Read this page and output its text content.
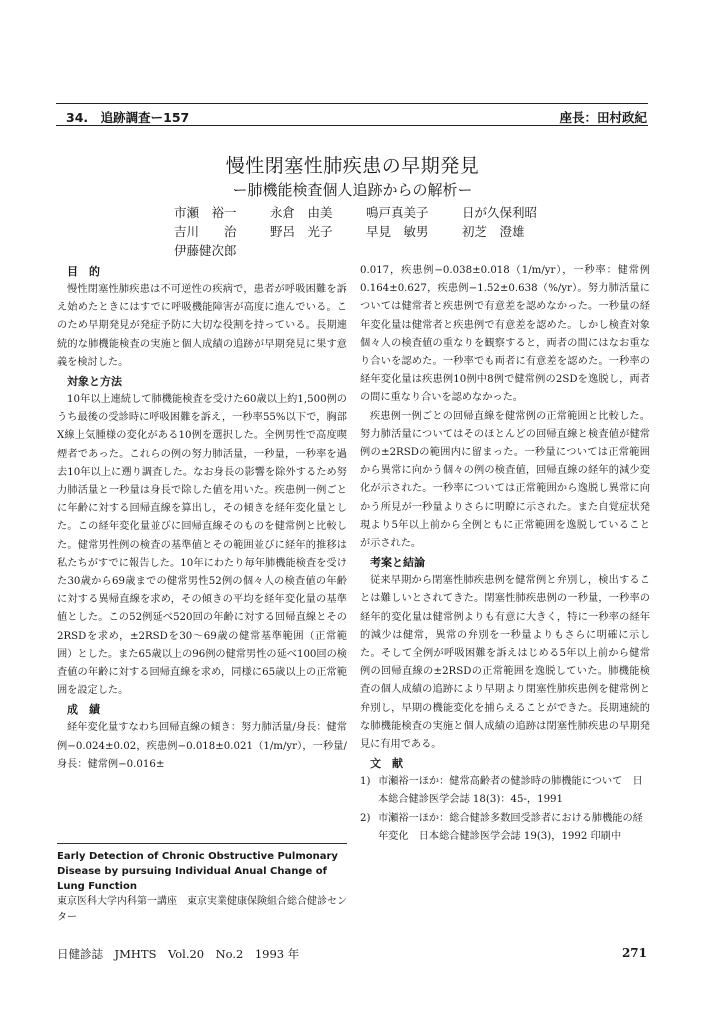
34.　追跡調査ー157	座長：田村政紀
慢性閉塞性肺疾患の早期発見
ー肺機能検査個人追跡からの解析ー
市瀬　裕一	永倉　由美	鳴戸真美子	日が久保利昭
吉川　　治	野呂　光子	早見　敏男	初芝　澄雄
伊藤健次郎
目　的

慢性閉塞性肺疾患は不可逆性の疾病で，患者が呼吸困難を訴え始めたときにはすでに呼吸機能障害が高度に進んでいる。このため早期発見が発症予防に大切な役割を持っている。長期連続的な肺機能検査の実施と個人成績の追跡が早期発見に果す意義を検討した。

対象と方法

10年以上連続して肺機能検査を受けた60歳以上約1,500例のうち最後の受診時に呼吸困難を訴え，一秒率55%以下で，胸部X線上気腫様の変化がある10例を選択した。全例男性で高度喫煙者であった。これらの例の努力肺活量，一秒量，一秒率を過去10年以上に遡り調査した。なお身長の影響を除外するため努力肺活量と一秒量は身長で除した値を用いた。疾患例一例ごとに年齢に対する回帰直線を算出し，その傾きを経年変化量とした。この経年変化量並びに回帰直線そのものを健常例と比較した。健常男性例の検査の基準値とその範囲並びに経年的推移は私たちがすでに報告した。10年にわたり毎年肺機能検査を受けた30歳から69歳までの健常男性52例の個々人の検査値の年齢に対する異帰直線を求め，その傾きの平均を経年変化量の基準値とした。この52例延べ520回の年齢に対する回帰直線とその2RSDを求め，±2RSDを30〜69歳の健常基準範囲（正常範囲）とした。また65歳以上の96例の健常男性の延べ100回の検査値の年齢に対する回帰直線を求め，同様に65歳以上の正常範囲を設定した。

成　績

経年変化量すなわち回帰直線の傾き：努力肺活量/身長：健常例−0.024±0.02，疾患例−0.018±0.021（1/m/yr），一秒量/身長：健常例−0.016±

0.017，疾患例−0.038±0.018（1/m/yr），一秒率：健常例0.164±0.627，疾患例−1.52±0.638（%/yr）。努力肺活量については健常者と疾患例で有意差を認めなかった。一秒量の経年変化量は健常者と疾患例で有意差を認めた。しかし検査対象個々人の検査値の重なりを観察すると，両者の間にはなお重なり合いを認めた。一秒率でも両者に有意差を認めた。一秒率の経年変化量は疾患例10例中8例で健常例の2SDを逸脱し，両者の間に重なり合いを認めなかった。

疾患例一例ごとの回帰直線を健常例の正常範囲と比較した。努力肺活量についてはそのほとんどの回帰直線と検査値が健常例の±2RSDの範囲内に留まった。一秒量については正常範囲から異常に向かう個々の例の検査値，回帰直線の経年的減少変化が示された。一秒率については正常範囲から逸脱し異常に向かう所見が一秒量よりさらに明瞭に示された。また自覚症状発現より5年以上前から全例ともに正常範囲を逸脱していることが示された。

考案と結論

従来早期から閉塞性肺疾患例を健常例と弁別し，検出することは難しいとされてきた。閉塞性肺疾患例の一秒量，一秒率の経年的変化量は健常例よりも有意に大きく，特に一秒率の経年的減少は健常，異常の弁別を一秒量よりもさらに明確に示した。そして全例が呼吸困難を訴えはじめる5年以上前から健常例の回帰直線の±2RSDの正常範囲を逸脱していた。肺機能検査の個人成績の追跡により早期より閉塞性肺疾患例を健常例と弁別し，早期の機能変化を捕らえることができた。長期連続的な肺機能検査の実施と個人成績の追跡は閉塞性肺疾患の早期発見に有用である。

文　献
1) 市瀬裕一ほか：健常高齢者の健診時の肺機能について　日本総合健診医学会誌 18(3)：45-，1991
2) 市瀬裕一ほか：総合健診多数回受診者における肺機能の経年変化　日本総合健診医学会誌 19(3)，1992 印刷中
Early Detection of Chronic Obstructive Pulmonary Disease by pursuing Individual Anual Change of Lung Function
東京医科大学内科第一講座　東京実業健康保険組合総合健診センター
日健診誌　JMHTS　Vol.20　No.2　1993 年	271
